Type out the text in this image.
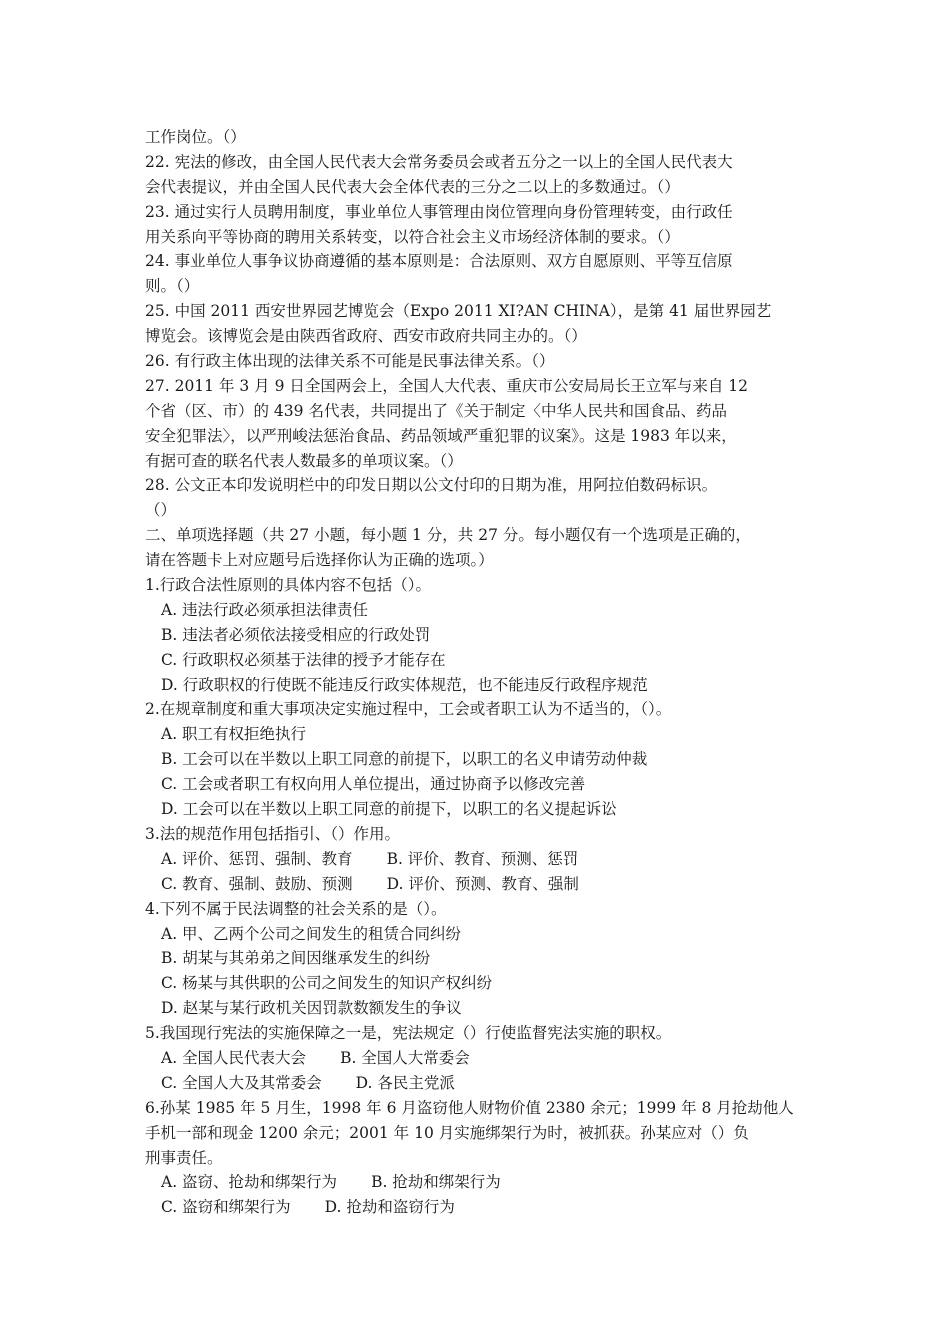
工作岗位。（）
22. 宪法的修改，由全国人民代表大会常务委员会或者五分之一以上的全国人民代表大
会代表提议，并由全国人民代表大会全体代表的三分之二以上的多数通过。（）
23. 通过实行人员聘用制度，事业单位人事管理由岗位管理向身份管理转变，由行政任
用关系向平等协商的聘用关系转变，以符合社会主义市场经济体制的要求。（）
24. 事业单位人事争议协商遵循的基本原则是：合法原则、双方自愿原则、平等互信原
则。（）
25. 中国 2011 西安世界园艺博览会（Expo 2011 XI?AN CHINA），是第 41 届世界园艺
博览会。该博览会是由陕西省政府、西安市政府共同主办的。（）
26. 有行政主体出现的法律关系不可能是民事法律关系。（）
27. 2011 年 3 月 9 日全国两会上，全国人大代表、重庆市公安局局长王立军与来自 12
个省（区、市）的 439 名代表，共同提出了《关于制定〈中华人民共和国食品、药品
安全犯罪法〉，以严刑峻法惩治食品、药品领域严重犯罪的议案》。这是 1983 年以来，
有据可查的联名代表人数最多的单项议案。（）
28. 公文正本印发说明栏中的印发日期以公文付印的日期为准，用阿拉伯数码标识。
（）
二、单项选择题（共 27 小题，每小题 1 分，共 27 分。每小题仅有一个选项是正确的，
请在答题卡上对应题号后选择你认为正确的选项。）
1.行政合法性原则的具体内容不包括（）。
A. 违法行政必须承担法律责任
B. 违法者必须依法接受相应的行政处罚
C. 行政职权必须基于法律的授予才能存在
D. 行政职权的行使既不能违反行政实体规范，也不能违反行政程序规范
2.在规章制度和重大事项决定实施过程中，工会或者职工认为不适当的，（）。
A. 职工有权拒绝执行
B. 工会可以在半数以上职工同意的前提下，以职工的名义申请劳动仲裁
C. 工会或者职工有权向用人单位提出，通过协商予以修改完善
D. 工会可以在半数以上职工同意的前提下，以职工的名义提起诉讼
3.法的规范作用包括指引、（）作用。
A. 评价、惩罚、强制、教育 B. 评价、教育、预测、惩罚
C. 教育、强制、鼓励、预测 D. 评价、预测、教育、强制
4.下列不属于民法调整的社会关系的是（）。
A. 甲、乙两个公司之间发生的租赁合同纠纷
B. 胡某与其弟弟之间因继承发生的纠纷
C. 杨某与其供职的公司之间发生的知识产权纠纷
D. 赵某与某行政机关因罚款数额发生的争议
5.我国现行宪法的实施保障之一是，宪法规定（）行使监督宪法实施的职权。
A. 全国人民代表大会 B. 全国人大常委会
C. 全国人大及其常委会 D. 各民主党派
6.孙某 1985 年 5 月生，1998 年 6 月盗窃他人财物价值 2380 余元；1999 年 8 月抢劫他人
手机一部和现金 1200 余元；2001 年 10 月实施绑架行为时，被抓获。孙某应对（）负
刑事责任。
A. 盗窃、抢劫和绑架行为 B. 抢劫和绑架行为
C. 盗窃和绑架行为 D. 抢劫和盗窃行为
